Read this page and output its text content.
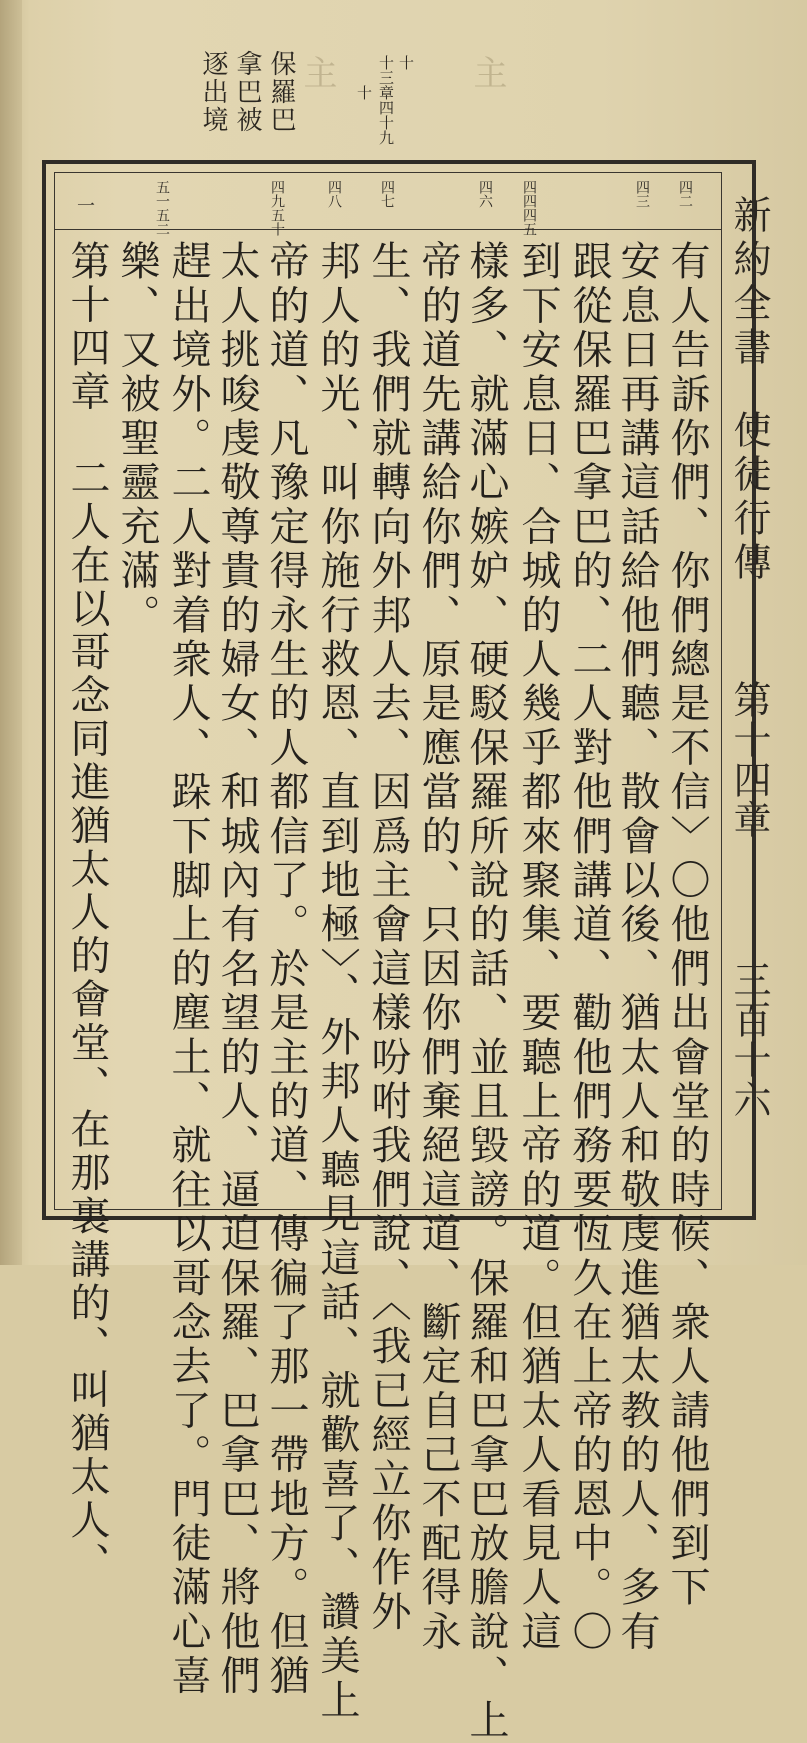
主	主
保羅巴
拿巴被
逐出境	十三章四十九 十
十
新約全書
使徒行傳
第十四章
三百十六
四二
四三
四四四五
四六
四七
四八
四九五十
五一五二
一
有人告訴你們、你們總是不信〉〇他們出會堂的時候、衆人請他們到下
安息日再講這話給他們聽、散會以後、猶太人和敬虔進猶太教的人、多有
跟從保羅巴拿巴的、二人對他們講道、勸他們務要恆久在上帝的恩中。〇
到下安息日、合城的人幾乎都來聚集、要聽上帝的道。但猶太人看見人這
樣多、就滿心嫉妒、硬駁保羅所說的話、並且毀謗。保羅和巴拿巴放膽說、上
帝的道先講給你們、原是應當的、只因你們棄絕這道、斷定自己不配得永
生、我們就轉向外邦人去、因爲主會這樣吩咐我們說、〈我已經立你作外
邦人的光、叫你施行救恩、直到地極〉、外邦人聽見這話、就歡喜了、讚美上
帝的道、凡豫定得永生的人都信了。於是主的道、傳徧了那一帶地方。但猶
太人挑唆虔敬尊貴的婦女、和城內有名望的人、逼迫保羅、巴拿巴、將他們
趕出境外。二人對着衆人、跺下脚上的塵土、就往以哥念去了。門徒滿心喜
樂、又被聖靈充滿。
第十四章　二人在以哥念同進猶太人的會堂、在那裏講的、叫猶太人、
